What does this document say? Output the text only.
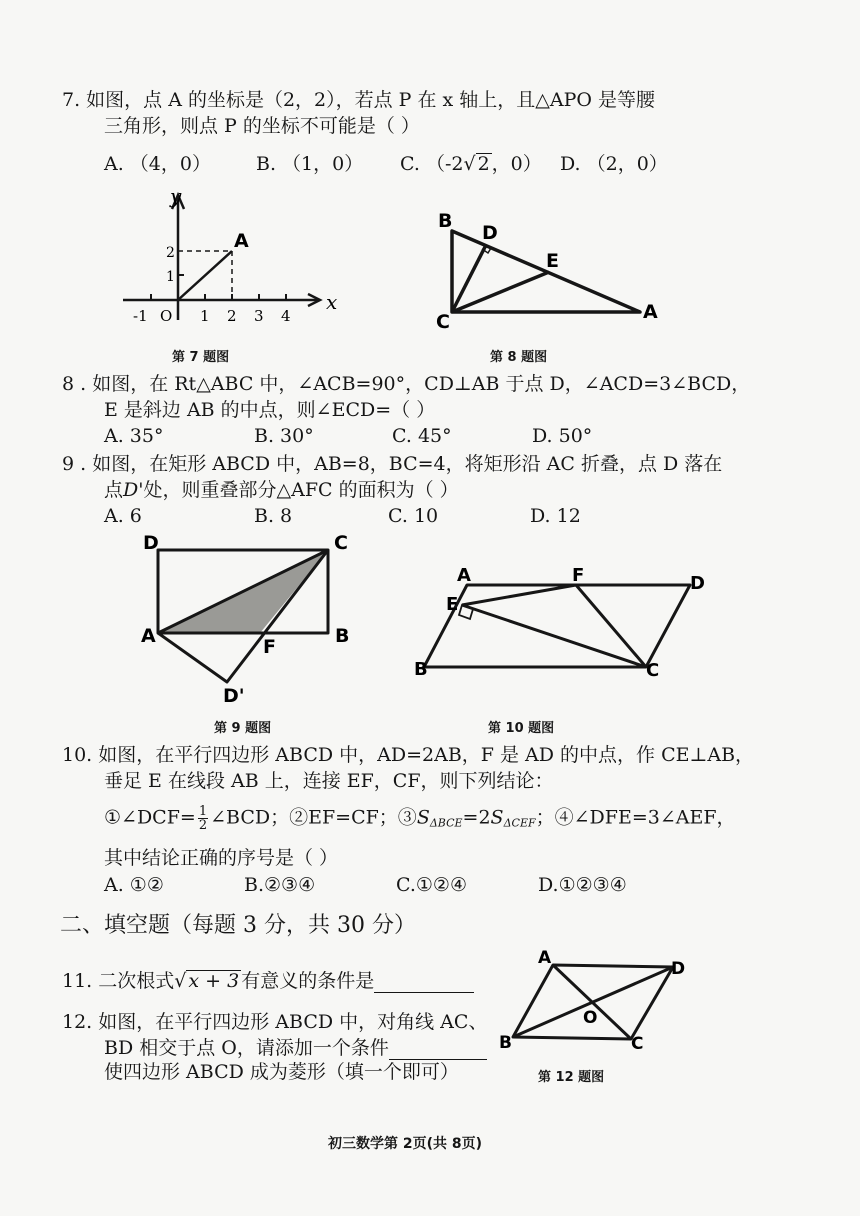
7. 如图，点 A 的坐标是（2，2），若点 P 在 x 轴上，且△APO 是等腰
三角形，则点 P 的坐标不可能是（ ）
A. （4，0） B. （1，0） C. （-2√ 2 ，0） D. （2，0）
y
x
A
2
1
O
-1	1 2 3 4
第 7 题图
B
D
E
C	A
第 8 题图
8 . 如图，在 Rt△ABC 中，∠ACB=90°，CD⊥AB 于点 D，∠ACD=3∠BCD，
E 是斜边 AB 的中点，则∠ECD=（ ）
A. 35°	B. 30°	C. 45°	D. 50°
9 . 如图，在矩形 ABCD 中，AB=8，BC=4，将矩形沿 AC 折叠，点 D 落在
点D'处，则重叠部分△AFC 的面积为（ ）
A. 6	B. 8	C. 10	D. 12
D	C
A	B
F
D'
第 9 题图
A	F	D
E
B	C
第 10 题图
10. 如图，在平行四边形 ABCD 中，AD=2AB，F 是 AD 的中点，作 CE⊥AB，
垂足 E 在线段 AB 上，连接 EF，CF，则下列结论：
①∠DCF= $\frac{1}{2}$ ∠BCD；②EF=CF；$③S_{\Delta BCE}=2S_{\Delta CEF}$；④∠DFE=3∠AEF，
其中结论正确的序号是（ ）
A. ①②	B.②③④	C.①②④	D.①②③④
二、填空题（每题 3 分，共 30 分）
11. 二次根式√ x + 3 有意义的条件是
12. 如图，在平行四边形 ABCD 中，对角线 AC、
BD 相交于点 O，请添加一个条件
使四边形 ABCD 成为菱形（填一个即可）
A
D
O
B	C
第 12 题图
初三数学第 2页(共 8页)
